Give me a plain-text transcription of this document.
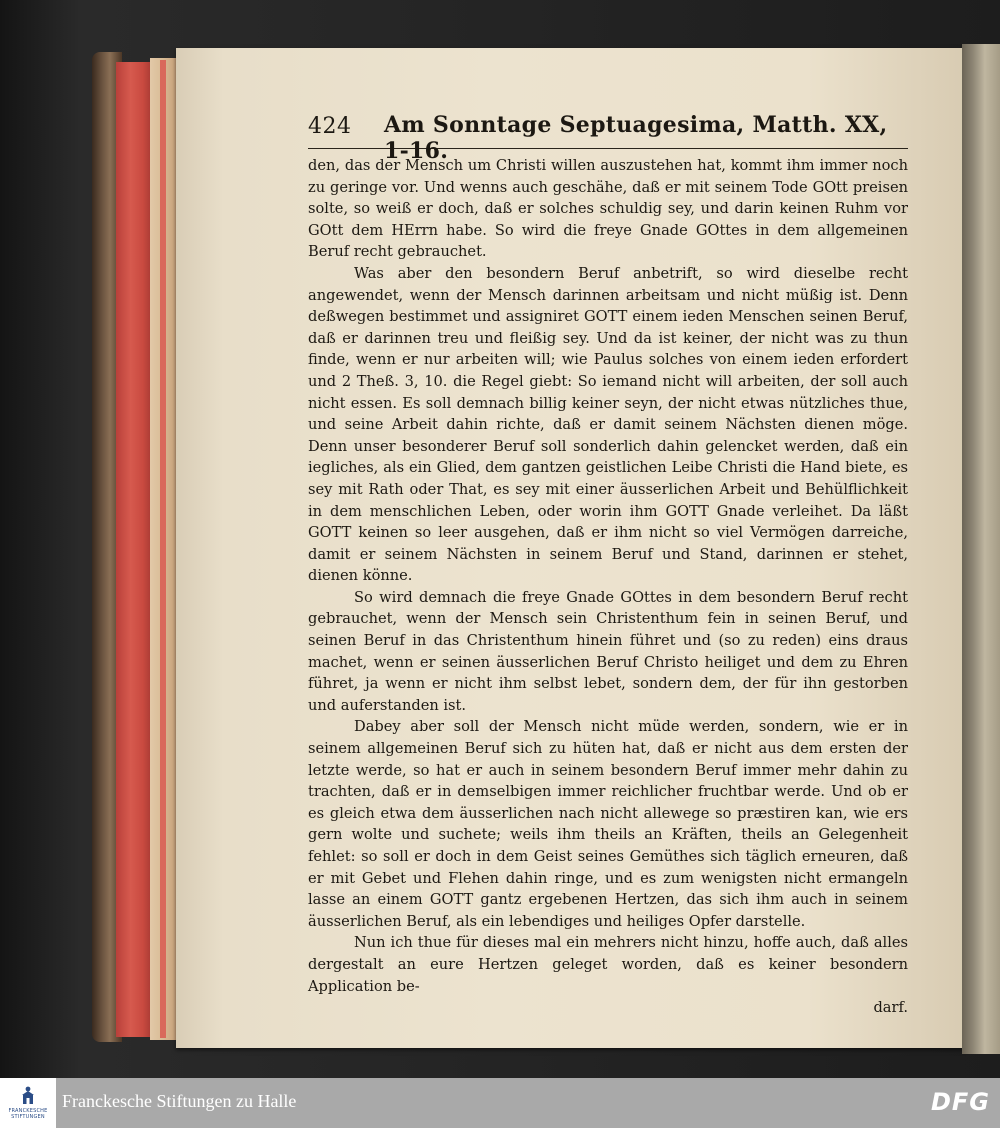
424 Am Sonntage Septuagesima, Matth. XX, 1-16.

den, das der Mensch um Christi willen auszustehen hat, kommt ihm immer noch zu geringe vor. Und wenns auch geschähe, daß er mit seinem Tode GOtt preisen solte, so weiß er doch, daß er solches schuldig sey, und darin keinen Ruhm vor GOtt dem HErrn habe. So wird die freye Gnade GOttes in dem allgemeinen Beruf recht gebrauchet.

Was aber den besondern Beruf anbetrift, so wird dieselbe recht angewendet, wenn der Mensch darinnen arbeitsam und nicht müßig ist. Denn deßwegen bestimmet und assigniret GOTT einem ieden Menschen seinen Beruf, daß er darinnen treu und fleißig sey. Und da ist keiner, der nicht was zu thun finde, wenn er nur arbeiten will; wie Paulus solches von einem ieden erfordert und 2 Theß. 3, 10. die Regel giebt: So iemand nicht will arbeiten, der soll auch nicht essen. Es soll demnach billig keiner seyn, der nicht etwas nützliches thue, und seine Arbeit dahin richte, daß er damit seinem Nächsten dienen möge. Denn unser besonderer Beruf soll sonderlich dahin gelencket werden, daß ein iegliches, als ein Glied, dem gantzen geistlichen Leibe Christi die Hand biete, es sey mit Rath oder That, es sey mit einer äusserlichen Arbeit und Behülflichkeit in dem menschlichen Leben, oder worin ihm GOTT Gnade verleihet. Da läßt GOTT keinen so leer ausgehen, daß er ihm nicht so viel Vermögen darreiche, damit er seinem Nächsten in seinem Beruf und Stand, darinnen er stehet, dienen könne.

So wird demnach die freye Gnade GOttes in dem besondern Beruf recht gebrauchet, wenn der Mensch sein Christenthum fein in seinen Beruf, und seinen Beruf in das Christenthum hinein führet und (so zu reden) eins draus machet, wenn er seinen äusserlichen Beruf Christo heiliget und dem zu Ehren führet, ja wenn er nicht ihm selbst lebet, sondern dem, der für ihn gestorben und auferstanden ist.

Dabey aber soll der Mensch nicht müde werden, sondern, wie er in seinem allgemeinen Beruf sich zu hüten hat, daß er nicht aus dem ersten der letzte werde, so hat er auch in seinem besondern Beruf immer mehr dahin zu trachten, daß er in demselbigen immer reichlicher fruchtbar werde. Und ob er es gleich etwa dem äusserlichen nach nicht allewege so præstiren kan, wie ers gern wolte und suchete; weils ihm theils an Kräften, theils an Gelegenheit fehlet: so soll er doch in dem Geist seines Gemüthes sich täglich erneuren, daß er mit Gebet und Flehen dahin ringe, und es zum wenigsten nicht ermangeln lasse an einem GOTT gantz ergebenen Hertzen, das sich ihm auch in seinem äusserlichen Beruf, als ein lebendiges und heiliges Opfer darstelle.

Nun ich thue für dieses mal ein mehrers nicht hinzu, hoffe auch, daß alles dergestalt an eure Hertzen geleget worden, daß es keiner besondern Application be-

darf.
FRANCKESCHE STIFTUNGEN
Franckesche Stiftungen zu Halle	DFG
